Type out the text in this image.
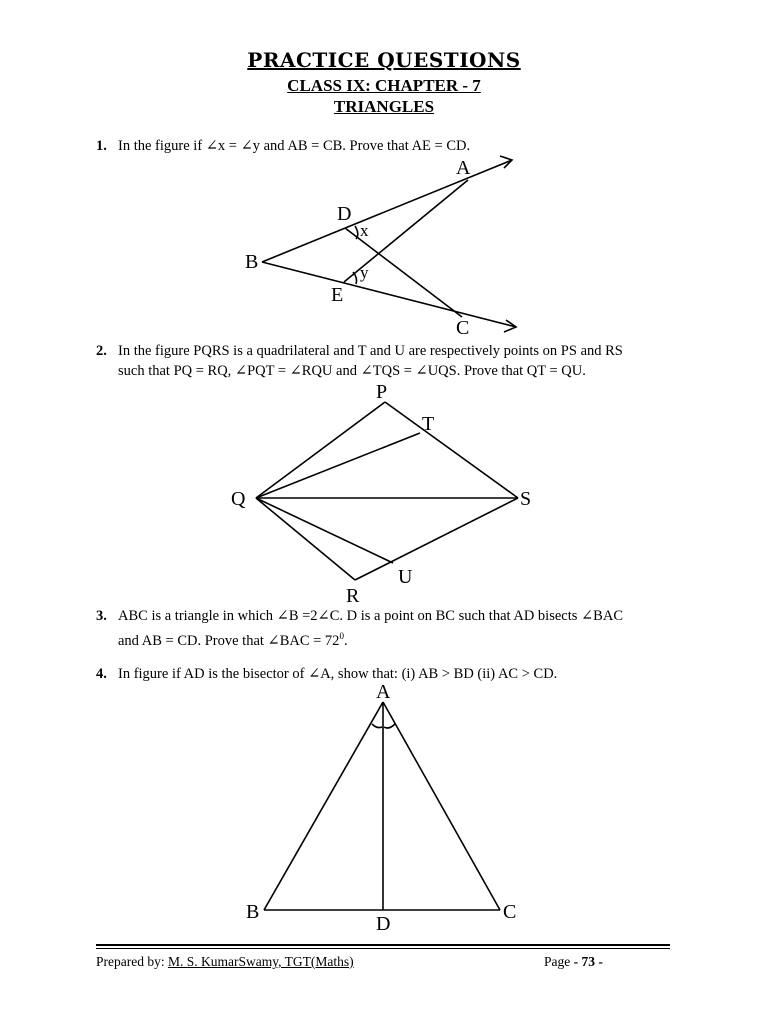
PRACTICE QUESTIONS
CLASS IX: CHAPTER - 7
TRIANGLES
1. In the figure if ∠x = ∠y and AB = CB. Prove that AE = CD.
A
B
C
D
E
x
y
2. In the figure PQRS is a quadrilateral and T and U are respectively points on PS and RS
such that PQ = RQ, ∠PQT = ∠RQU and ∠TQS = ∠UQS. Prove that QT = QU.
P
Q
R
S
T
U
3. ABC is a triangle in which ∠B =2∠C. D is a point on BC such that AD bisects ∠BAC
and AB = CD. Prove that ∠BAC = $72^0$.
4. In figure if AD is the bisector of ∠A, show that: (i) AB > BD (ii) AC > CD.
A
B	C
D
Prepared by: M. S. KumarSwamy, TGT(Maths)	Page - 73 -
